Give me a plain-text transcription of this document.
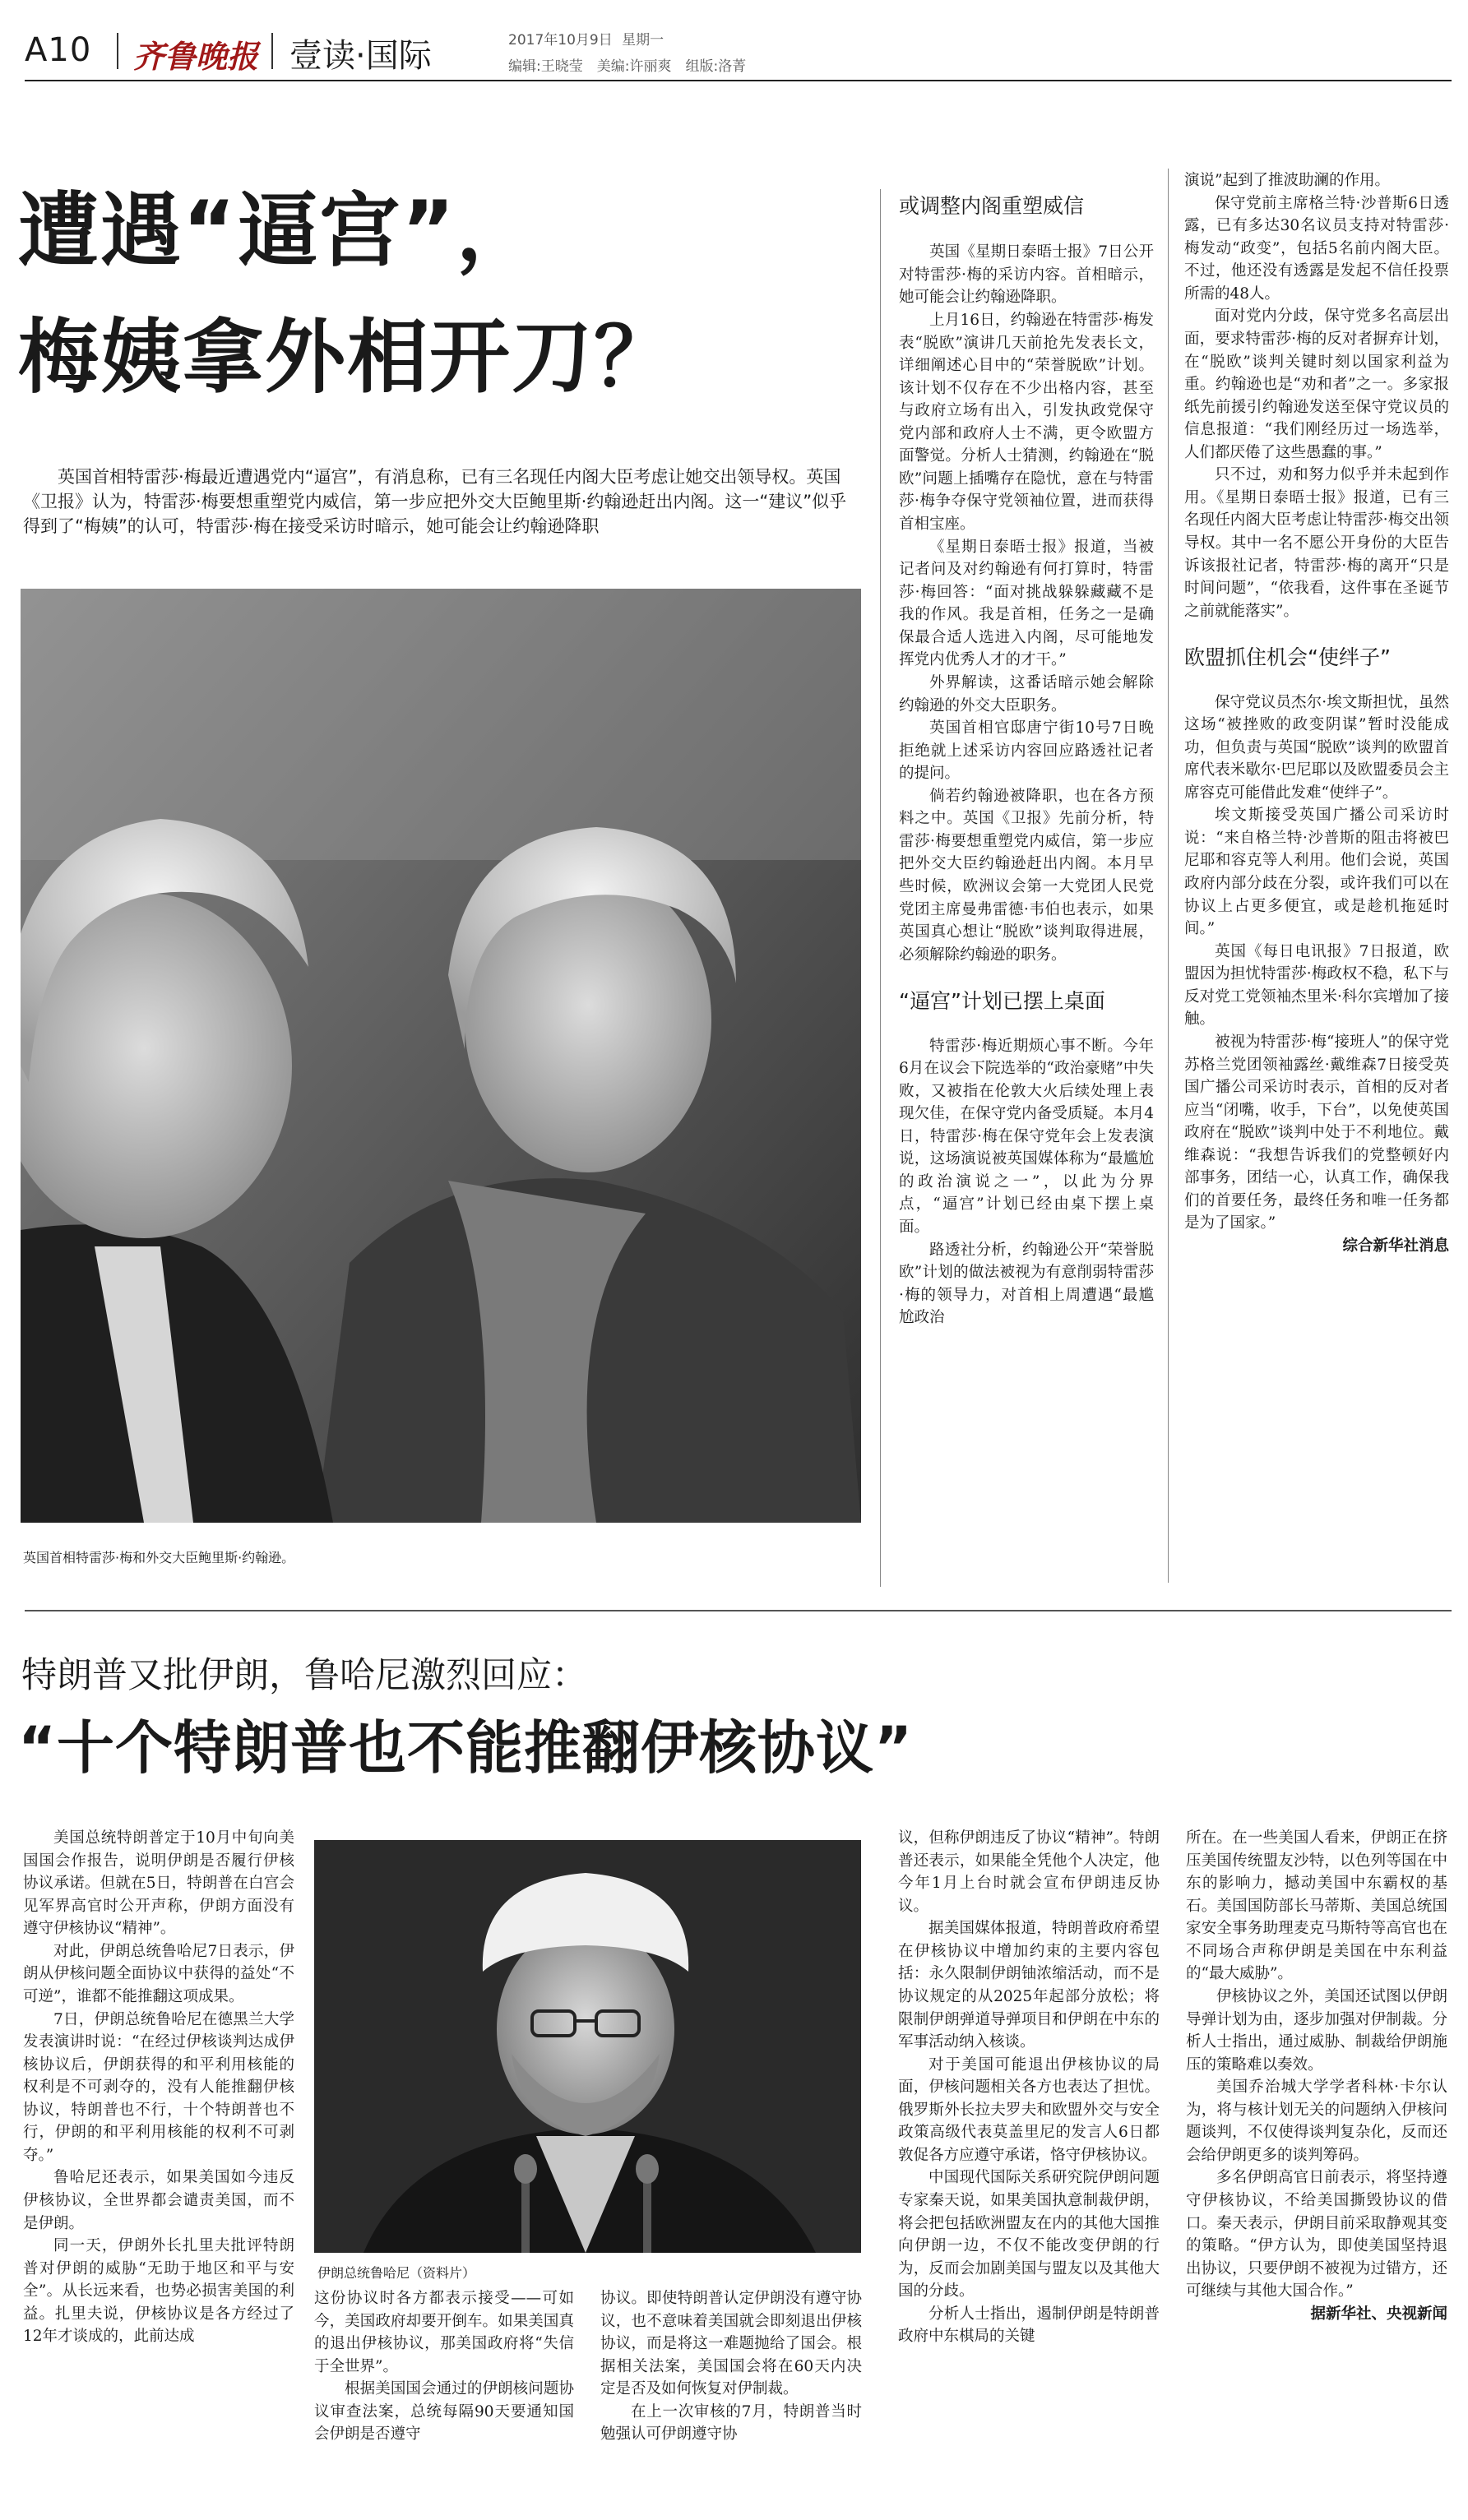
A10 齐鲁晚报 壹读·国际	2017年10月9日 星期一
编辑:王晓莹　美编:许丽爽　组版:洛菁
遭遇“逼宫”，
梅姨拿外相开刀？
英国首相特雷莎·梅最近遭遇党内“逼宫”，有消息称，已有三名现任内阁大臣考虑让她交出领导权。英国《卫报》认为，特雷莎·梅要想重塑党内威信，第一步应把外交大臣鲍里斯·约翰逊赶出内阁。这一“建议”似乎得到了“梅姨”的认可，特雷莎·梅在接受采访时暗示，她可能会让约翰逊降职
英国首相特雷莎·梅和外交大臣鲍里斯·约翰逊。
或调整内阁重塑威信

英国《星期日泰晤士报》7日公开对特雷莎·梅的采访内容。首相暗示，她可能会让约翰逊降职。

上月16日，约翰逊在特雷莎·梅发表“脱欧”演讲几天前抢先发表长文，详细阐述心目中的“荣誉脱欧”计划。该计划不仅存在不少出格内容，甚至与政府立场有出入，引发执政党保守党内部和政府人士不满，更令欧盟方面警觉。分析人士猜测，约翰逊在“脱欧”问题上插嘴存在隐忧，意在与特雷莎·梅争夺保守党领袖位置，进而获得首相宝座。

《星期日泰晤士报》报道，当被记者问及对约翰逊有何打算时，特雷莎·梅回答：“面对挑战躲躲藏藏不是我的作风。我是首相，任务之一是确保最合适人选进入内阁，尽可能地发挥党内优秀人才的才干。”

外界解读，这番话暗示她会解除约翰逊的外交大臣职务。

英国首相官邸唐宁街10号7日晚拒绝就上述采访内容回应路透社记者的提问。

倘若约翰逊被降职，也在各方预料之中。英国《卫报》先前分析，特雷莎·梅要想重塑党内威信，第一步应把外交大臣约翰逊赶出内阁。本月早些时候，欧洲议会第一大党团人民党党团主席曼弗雷德·韦伯也表示，如果英国真心想让“脱欧”谈判取得进展，必须解除约翰逊的职务。

“逼宫”计划已摆上桌面

特雷莎·梅近期烦心事不断。今年6月在议会下院选举的“政治豪赌”中失败，又被指在伦敦大火后续处理上表现欠佳，在保守党内备受质疑。本月4日，特雷莎·梅在保守党年会上发表演说，这场演说被英国媒体称为“最尴尬的政治演说之一”，以此为分界点，“逼宫”计划已经由桌下摆上桌面。

路透社分析，约翰逊公开“荣誉脱欧”计划的做法被视为有意削弱特雷莎·梅的领导力，对首相上周遭遇“最尴尬政治

演说”起到了推波助澜的作用。

保守党前主席格兰特·沙普斯6日透露，已有多达30名议员支持对特雷莎·梅发动“政变”，包括5名前内阁大臣。不过，他还没有透露是发起不信任投票所需的48人。

面对党内分歧，保守党多名高层出面，要求特雷莎·梅的反对者摒弃计划，在“脱欧”谈判关键时刻以国家利益为重。约翰逊也是“劝和者”之一。多家报纸先前援引约翰逊发送至保守党议员的信息报道：“我们刚经历过一场选举，人们都厌倦了这些愚蠢的事。”

只不过，劝和努力似乎并未起到作用。《星期日泰晤士报》报道，已有三名现任内阁大臣考虑让特雷莎·梅交出领导权。其中一名不愿公开身份的大臣告诉该报社记者，特雷莎·梅的离开“只是时间问题”，“依我看，这件事在圣诞节之前就能落实”。

欧盟抓住机会“使绊子”

保守党议员杰尔·埃文斯担忧，虽然这场“被挫败的政变阴谋”暂时没能成功，但负责与英国“脱欧”谈判的欧盟首席代表米歇尔·巴尼耶以及欧盟委员会主席容克可能借此发难“使绊子”。

埃文斯接受英国广播公司采访时说：“来自格兰特·沙普斯的阻击将被巴尼耶和容克等人利用。他们会说，英国政府内部分歧在分裂，或许我们可以在协议上占更多便宜，或是趁机拖延时间。”

英国《每日电讯报》7日报道，欧盟因为担忧特雷莎·梅政权不稳，私下与反对党工党领袖杰里米·科尔宾增加了接触。

被视为特雷莎·梅“接班人”的保守党苏格兰党团领袖露丝·戴维森7日接受英国广播公司采访时表示，首相的反对者应当“闭嘴，收手，下台”，以免使英国政府在“脱欧”谈判中处于不利地位。戴维森说：“我想告诉我们的党整顿好内部事务，团结一心，认真工作，确保我们的首要任务，最终任务和唯一任务都是为了国家。”

综合新华社消息
特朗普又批伊朗，鲁哈尼激烈回应：
“十个特朗普也不能推翻伊核协议”

美国总统特朗普定于10月中旬向美国国会作报告，说明伊朗是否履行伊核协议承诺。但就在5日，特朗普在白宫会见军界高官时公开声称，伊朗方面没有遵守伊核协议“精神”。

对此，伊朗总统鲁哈尼7日表示，伊朗从伊核问题全面协议中获得的益处“不可逆”，谁都不能推翻这项成果。

7日，伊朗总统鲁哈尼在德黑兰大学发表演讲时说：“在经过伊核谈判达成伊核协议后，伊朗获得的和平利用核能的权利是不可剥夺的，没有人能推翻伊核协议，特朗普也不行，十个特朗普也不行，伊朗的和平利用核能的权利不可剥夺。”

鲁哈尼还表示，如果美国如今违反伊核协议，全世界都会谴责美国，而不是伊朗。

同一天，伊朗外长扎里夫批评特朗普对伊朗的威胁“无助于地区和平与安全”。从长远来看，也势必损害美国的利益。扎里夫说，伊核协议是各方经过了12年才谈成的，此前达成

伊朗总统鲁哈尼（资料片）

这份协议时各方都表示接受——可如今，美国政府却要开倒车。如果美国真的退出伊核协议，那美国政府将“失信于全世界”。

根据美国国会通过的伊朗核问题协议审查法案，总统每隔90天要通知国会伊朗是否遵守

议，但称伊朗违反了协议“精神”。特朗普还表示，如果能全凭他个人决定，他今年1月上台时就会宣布伊朗违反协议。

据美国媒体报道，特朗普政府希望在伊核协议中增加约束的主要内容包括：永久限制伊朗铀浓缩活动，而不是协议规定的从2025年起部分放松；将限制伊朗弹道导弹项目和伊朗在中东的军事活动纳入核谈。

对于美国可能退出伊核协议的局面，伊核问题相关各方也表达了担忧。俄罗斯外长拉夫罗夫和欧盟外交与安全政策高级代表莫盖里尼的发言人6日都敦促各方应遵守承诺，恪守伊核协议。

中国现代国际关系研究院伊朗问题专家秦天说，如果美国执意制裁伊朗，将会把包括欧洲盟友在内的其他大国推向伊朗一边，不仅不能改变伊朗的行为，反而会加剧美国与盟友以及其他大国的分歧。

分析人士指出，遏制伊朗是特朗普政府中东棋局的关键

协议。即使特朗普认定伊朗没有遵守协议，也不意味着美国就会即刻退出伊核协议，而是将这一难题抛给了国会。根据相关法案，美国国会将在60天内决定是否及如何恢复对伊制裁。

在上一次审核的7月，特朗普当时勉强认可伊朗遵守协

所在。在一些美国人看来，伊朗正在挤压美国传统盟友沙特，以色列等国在中东的影响力，撼动美国中东霸权的基石。美国国防部长马蒂斯、美国总统国家安全事务助理麦克马斯特等高官也在不同场合声称伊朗是美国在中东利益的“最大威胁”。

伊核协议之外，美国还试图以伊朗导弹计划为由，逐步加强对伊制裁。分析人士指出，通过威胁、制裁给伊朗施压的策略难以奏效。

美国乔治城大学学者科林·卡尔认为，将与核计划无关的问题纳入伊核问题谈判，不仅使得谈判复杂化，反而还会给伊朗更多的谈判筹码。

多名伊朗高官日前表示，将坚持遵守伊核协议，不给美国撕毁协议的借口。秦天表示，伊朗目前采取静观其变的策略。“伊方认为，即使美国坚持退出协议，只要伊朗不被视为过错方，还可继续与其他大国合作。”

据新华社、央视新闻
